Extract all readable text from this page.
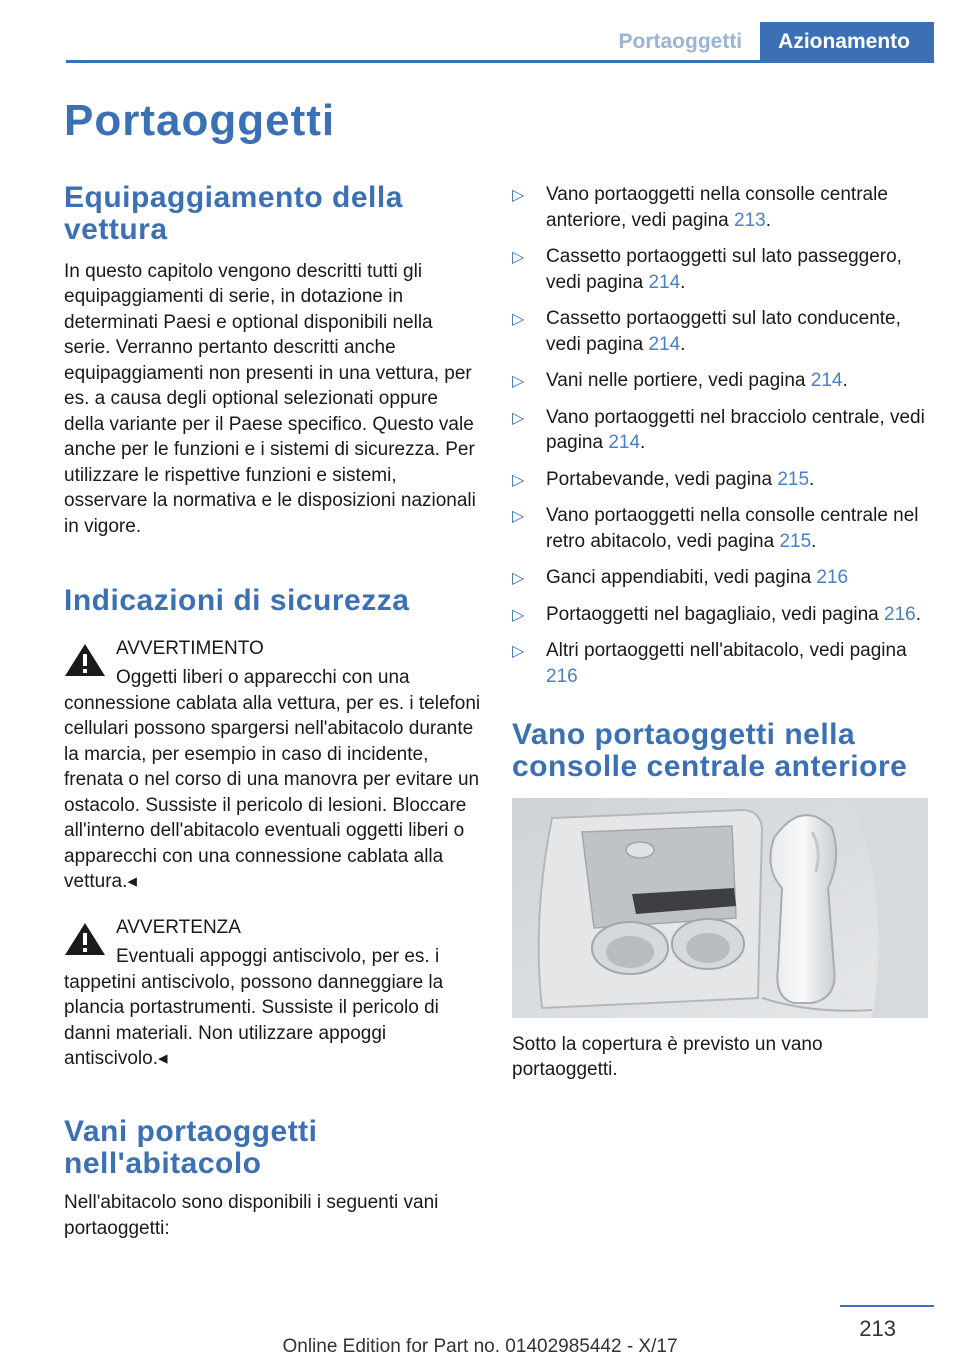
Portaoggetti	Azionamento
Portaoggetti
Equipaggiamento della vettura

In questo capitolo vengono descritti tutti gli equipaggiamenti di serie, in dotazione in determinati Paesi e optional disponibili nella serie. Verranno pertanto descritti anche equipaggiamenti non presenti in una vettura, per es. a causa degli optional selezionati oppure della variante per il Paese specifico. Questo vale anche per le funzioni e i sistemi di sicurezza. Per utilizzare le rispettive funzioni e sistemi, osservare la normativa e le disposizioni nazionali in vigore.

Indicazioni di sicurezza
AVVERTIMENTO

Oggetti liberi o apparecchi con una connessione cablata alla vettura, per es. i telefoni cellulari possono spargersi nell'abitacolo durante la marcia, per esempio in caso di incidente, frenata o nel corso di una manovra per evitare un ostacolo. Sussiste il pericolo di lesioni. Bloccare all'interno dell'abitacolo eventuali oggetti liberi o apparecchi con una connessione cablata alla vettura.◂

AVVERTENZA

Eventuali appoggi antiscivolo, per es. i tappetini antiscivolo, possono danneggiare la plancia portastrumenti. Sussiste il pericolo di danni materiali. Non utilizzare appoggi antiscivolo.◂

Vani portaoggetti nell'abitacolo

Nell'abitacolo sono disponibili i seguenti vani portaoggetti:

▷ Vano portaoggetti nella consolle centrale anteriore, vedi pagina 213.
▷ Cassetto portaoggetti sul lato passeggero, vedi pagina 214.
▷ Cassetto portaoggetti sul lato conducente, vedi pagina 214.
▷ Vani nelle portiere, vedi pagina 214.
▷ Vano portaoggetti nel bracciolo centrale, vedi pagina 214.
▷ Portabevande, vedi pagina 215.
▷ Vano portaoggetti nella consolle centrale nel retro abitacolo, vedi pagina 215.
▷ Ganci appendiabiti, vedi pagina 216
▷ Portaoggetti nel bagagliaio, vedi pagina 216.
▷ Altri portaoggetti nell'abitacolo, vedi pagina 216
Vano portaoggetti nella consolle centrale anteriore

Sotto la copertura è previsto un vano portaoggetti.

213
Online Edition for Part no. 01402985442 - X/17
